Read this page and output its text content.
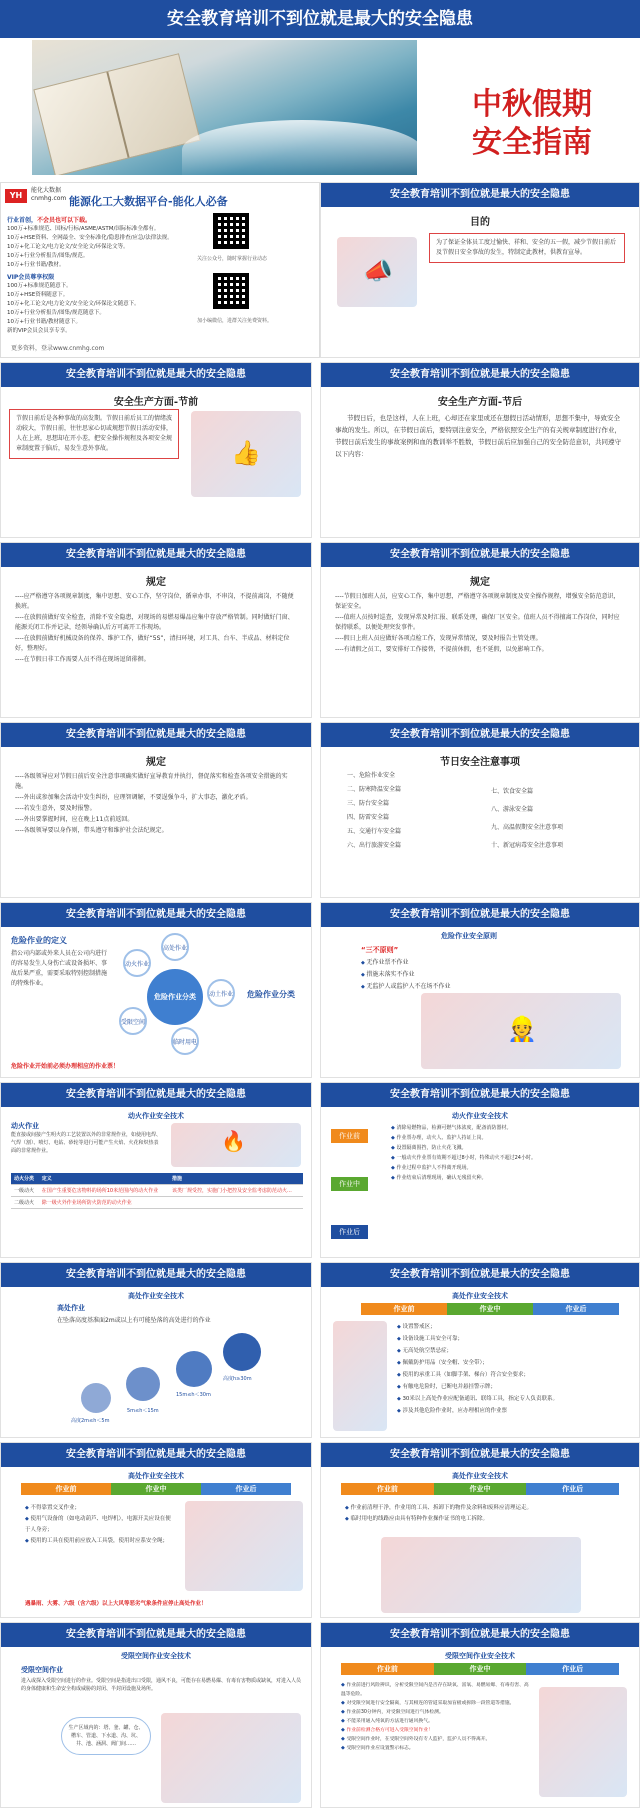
安全教育培训不到位就是最大的安全隐患
中秋假期
安全指南
YH
能化大数据
cnmhg.com 能源化工大数据平台-能化人必备
行业首创，不会员也可以下载。
100万+标准规范、国标/行标/ASME/ASTM/国际标准全都有。
10万+HSE资料、全网最全、安全标准化/隐患排查/应急/法律法规。
10万+化工论文/电力论文/安全论文/环保论文等。
10万+行业分析报告/图集/规范。
10万+行业书籍/教材。
VIP会员尊享权限
100万+标准规范随意下。
10万+HSE资料随意下。
10万+化工论文/电力论文/安全论文/环保论文随意下。
10万+行业分析报告/图集/规范随意下。
10万+行业书籍/教材随意下。
新的VIP会员会员享专享。
关注公众号，随时掌握行业动态
加小编微信，进群关注免费资料。
更多资料，登录www.cnmhg.com
安全教育培训不到位就是最大的安全隐患
目的
📣
为了保证全体员工度过愉快、祥和、安全的五一假，减少节假日前后及节假日安全事故的发生，特制定此教材，供教育宣导。
安全教育培训不到位就是最大的安全隐患
安全生产方面-节前
节假日前后是各种事故的高发期。节假日前后员工的情绪波动较大，节假日前，往往思家心切或规想节假日活动安排，人在上班，思想却在开小差，把安全操作规程及各项安全规章制度置于脑后，易发生意外事故。	👍
安全教育培训不到位就是最大的安全隐患
安全生产方面-节后
节假日后，也是这样，人在上班，心却还在家里或还在想假日活动情形，思想不集中，导致安全事故的发生。所以，在节假日前后，要特别注意安全，严格依照安全生产的有关规章制度进行作业，节假日前后发生的事故案例和血的教训举不胜数，节假日前后应加强自己的安全防范意识，共同遵守以下内容：
安全教育培训不到位就是最大的安全隐患
规定

----应严格遵守各项规章制度，集中思想、安心工作，坚守岗位，循章办事，不串岗，不提前离岗，不随便换班。

----在放假前做好安全检查，消除不安全隐患，对现场的易燃易爆品应集中存放严格管制。同时做好门窗、能源关闭工作并记录，经领导确认后方可离开工作现场。

----在放假前做好机械设备的保养、维护工作，做好“5S”，清扫环境，对工具、台车、半成品、材料定位好，整理好。

----在节假日非工作需要人员不得在现场逗留徘徊。

安全教育培训不到位就是最大的安全隐患
规定

----节假日加班人员，应安心工作，集中思想，严格遵守各项规章制度及安全操作规程，增强安全防范意识，保证安全。

----值班人员按时巡查，发现异常及时汇报、联系处理，确保厂区安全。值班人员不得擅离工作岗位，同时应保持联系，以便处理突发事件。

----假日上班人员应做好各项点检工作，发现异常情况，要及时报告主管处理。

----有请假之员工，要安排好工作接替，不提前休假，也不延假，以免影响工作。

安全教育培训不到位就是最大的安全隐患
规定

----各级领导应对节假日前后安全注意事项确实做好宣导教育并执行，督促落实和检查各项安全措施的实施。

----外出或参加集会活动中发生纠纷，应理智调解，不要逞强争斗，扩大事态，激化矛盾。

----若发生意外，要及时报警。

----外出要掌握时间，应在晚上11点前返回。

----各级领导要以身作则，带头遵守和维护社会法纪规定。

安全教育培训不到位就是最大的安全隐患
节日安全注意事项
一、危险作业安全
二、防寒降温安全篇
三、防台安全篇
四、防雷安全篇
五、交通行车安全篇
六、出行旅游安全篇
七、饮食安全篇
八、游泳安全篇
九、高温假期安全注意事项
十、新冠病毒安全注意事项
安全教育培训不到位就是最大的安全隐患
危险作业的定义
指公司内部或外来人员在公司内进行的容易发生人身伤亡或设备损坏、事故后果严重，需要采取特别控制措施的特殊作业。
危险作业开始前必须办理相应的作业票！
危险作业分类
动火作业
高处作业
动土作业
临时用电
受限空间
危险作业分类
安全教育培训不到位就是最大的安全隐患
危险作业安全原则
“三不原则”
◆ 无作业票不作业
◆ 措施未落实不作业
◆ 无监护人或监护人不在场不作业
👷
安全教育培训不到位就是最大的安全隐患
动火作业安全技术
动火作业
能直接或间接产生明火的工艺装置以外的非常规作业，如使用电焊、气焊（割）、喷灯、电钻、砂轮等进行可能产生火焰、火花和炽热表面的非常规作业。	🔥
动火分类	定义	措施
一级动火	在国产生重要危害物料的场所10米范围内的动火作业	该类厂规受控，实施门小把控及安全监考虑防范动火...
二级动火	除一级火外作业场所防火防范的动火作业	
安全教育培训不到位就是最大的安全隐患
动火作业安全技术
作业前
作业中
作业后
◆ 清除易燃物品，检测可燃气体浓度，配备消防器材。
◆ 作业票办理，动火人、监护人持证上岗。
◆ 设置隔离围挡，防止火花飞溅。
◆ 一般动火作业票有效期不超过8小时，特殊动火不超过24小时。
◆ 作业过程中监护人不得离开现场。
◆ 作业结束后清理现场，确认无残留火种。
安全教育培训不到位就是最大的安全隐患
高处作业安全技术
高处作业
在坠落高度基准面2m或以上有可能坠落的高处进行的作业
高度2m≤h＜5m
5m≤h＜15m
15m≤h＜30m
高度h≥30m
安全教育培训不到位就是最大的安全隐患
高处作业安全技术
作业前	作业中	作业后
◆ 设置警戒区；
◆ 设备设施工具安全可靠；
◆ 无高处航空禁忌症；
◆ 佩戴防护用品（安全帽、安全带）；
◆ 使用的承重工具（如脚手架、梯台）符合安全要求；
◆ 有触电危险时，已断电并悬挂警示牌；
◆ 30米以上高处作业应配备通讯、联络工具，指定专人负责联系。
◆ 涉及其他危险作业时，应办理相应的作业票
安全教育培训不到位就是最大的安全隐患
高处作业安全技术
作业前	作业中	作业后
◆ 不得靠置交叉作业；
◆ 使用气设备的（如电动葫芦、电焊机），电源开关应设在便于人身旁；
◆ 使用的工具在使用前应放入工具袋，使用时应系安全绳；
遇暴雨、大雾、六级（含六级）以上大风等恶劣气象条件应停止高处作业！
安全教育培训不到位就是最大的安全隐患
高处作业安全技术
作业前	作业中	作业后
◆ 作业前清理干净，作业用的工具、拆卸下的物件及余料和废料应清理运走。
◆ 临时用电的线路应由具有特种作业操作证书的电工拆除。
安全教育培训不到位就是最大的安全隐患
受限空间作业安全技术
受限空间作业
进入或探入受限空间进行的作业。受限空间是指进出口受限，通风不良，可能存在易燃易爆、有毒有害物质或缺氧，对进入人员的身体健康和生命安全构成威胁的封闭、半封闭设施及场所。
生产区域内的：塔、釜、罐、仓、槽车、管道、下水道、沟、坑、井、池、涵洞、阀门间……
安全教育培训不到位就是最大的安全隐患
受限空间作业安全技术
作业前	作业中	作业后
◆ 作业前进行风险辨识，分析受限空间内是否存在缺氧、富氧、易燃易爆、有毒有害、高温等危险。
◆ 对受限空间进行安全隔离，与其相连的管道采取加盲板或拆除一段管道等措施。
◆ 作业前30分钟内，对受限空间进行气体检测。
◆ 不能采用通入纯氧的方法进行通风换气。
◆ 作业前检测合格方可进入受限空间作业！
◆ 受限空间作业时，在受限空间外设有专人监护，监护人员不得离开。
◆ 受限空间作业应设置警示标志。
